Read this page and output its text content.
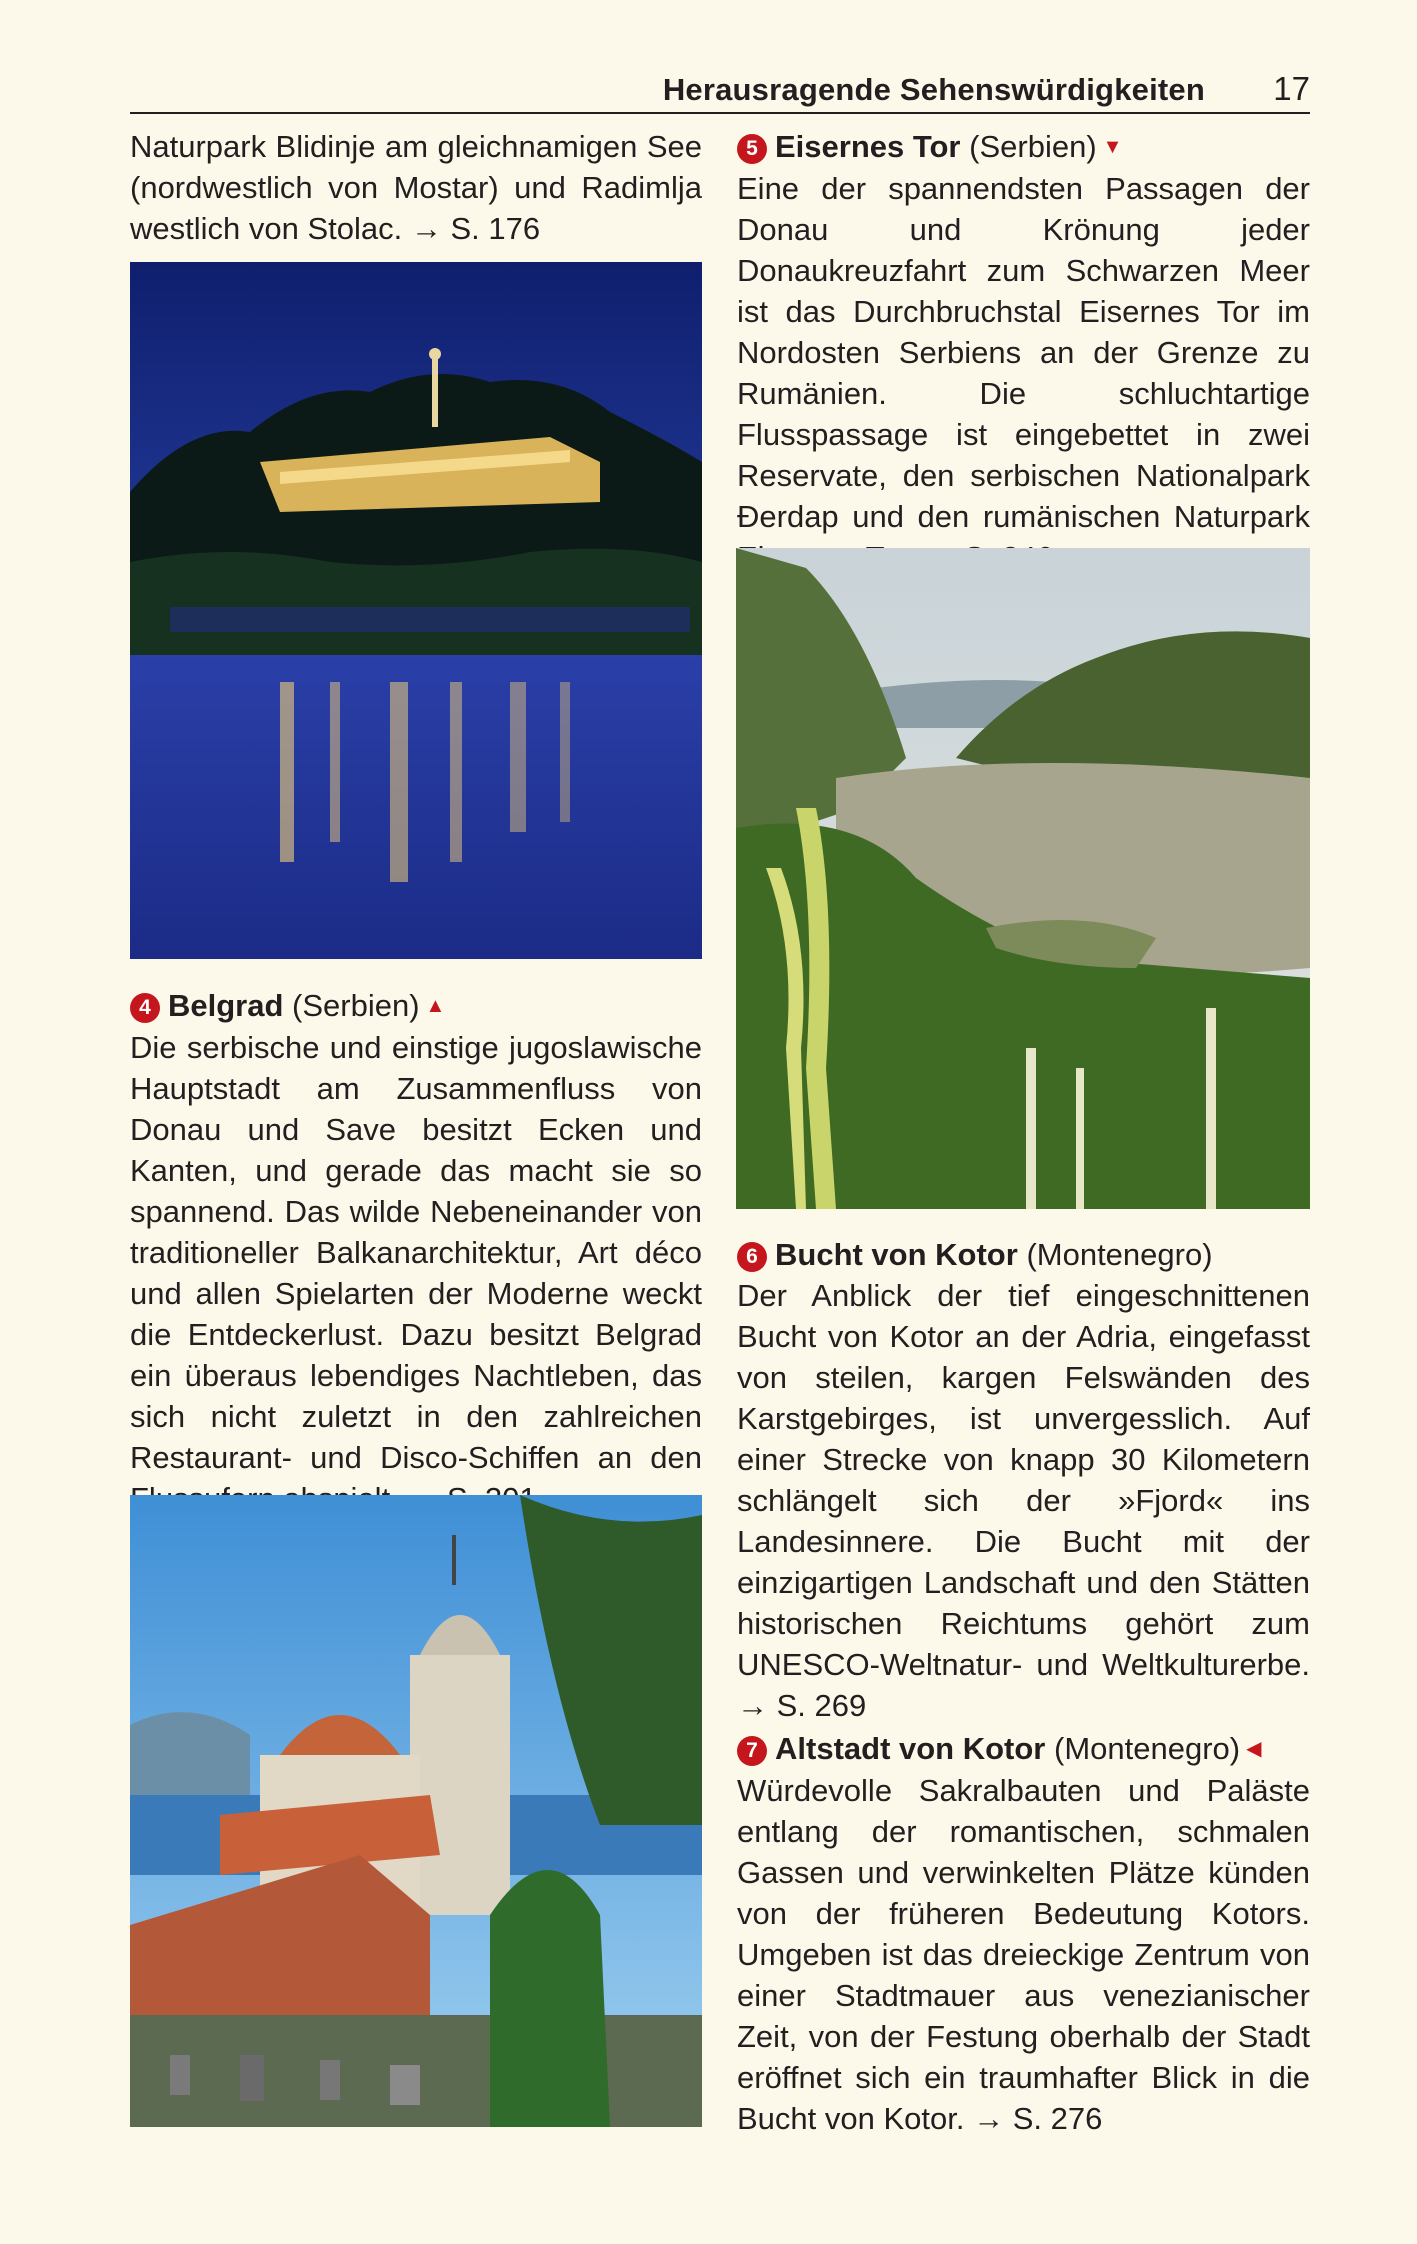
Herausragende Sehenswürdigkeiten 17

Naturpark Blidinje am gleichnamigen See (nordwestlich von Mostar) und Radimlja westlich von Stolac. → S. 176

4 Belgrad (Serbien) ▲

Die serbische und einstige jugoslawische Hauptstadt am Zusammenfluss von Donau und Save besitzt Ecken und Kanten, und gerade das macht sie so spannend. Das wilde Nebeneinander von traditioneller Balkanarchitektur, Art déco und allen Spielarten der Moderne weckt die Entdeckerlust. Dazu besitzt Belgrad ein überaus lebendiges Nachtleben, das sich nicht zuletzt in den zahlreichen Restaurant- und Disco-Schiffen an den

5 Eisernes Tor (Serbien) ▼

Eine der spannendsten Passagen der Donau und Krönung jeder Donaukreuzfahrt zum Schwarzen Meer ist das Durchbruchstal Eisernes Tor im Nordosten Serbiens an der Grenze zu Rumänien. Die schluchtartige Flusspassage ist eingebettet in zwei Reservate, den serbischen Nationalpark Đerdap und den rumänischen Naturpark

6 Bucht von Kotor (Montenegro)

Der Anblick der tief eingeschnittenen Bucht von Kotor an der Adria, eingefasst von steilen, kargen Felswänden des Karstgebirges, ist unvergesslich. Auf einer Strecke von knapp 30 Kilometern schlängelt sich der »Fjord« ins Landesinnere. Die Bucht mit der einzigartigen Landschaft und den Stätten historischen Reichtums gehört zum UNESCO-Weltnatur- und Weltkulturerbe. → S. 269

7 Altstadt von Kotor (Montenegro) ◀

Würdevolle Sakralbauten und Paläste entlang der romantischen, schmalen Gassen und verwinkelten Plätze künden von der früheren Bedeutung Kotors. Umgeben ist das dreieckige Zentrum von einer Stadtmauer aus venezianischer Zeit, von der Festung oberhalb der Stadt eröffnet sich ein traumhafter Blick in die Bucht von Kotor. → S. 276
